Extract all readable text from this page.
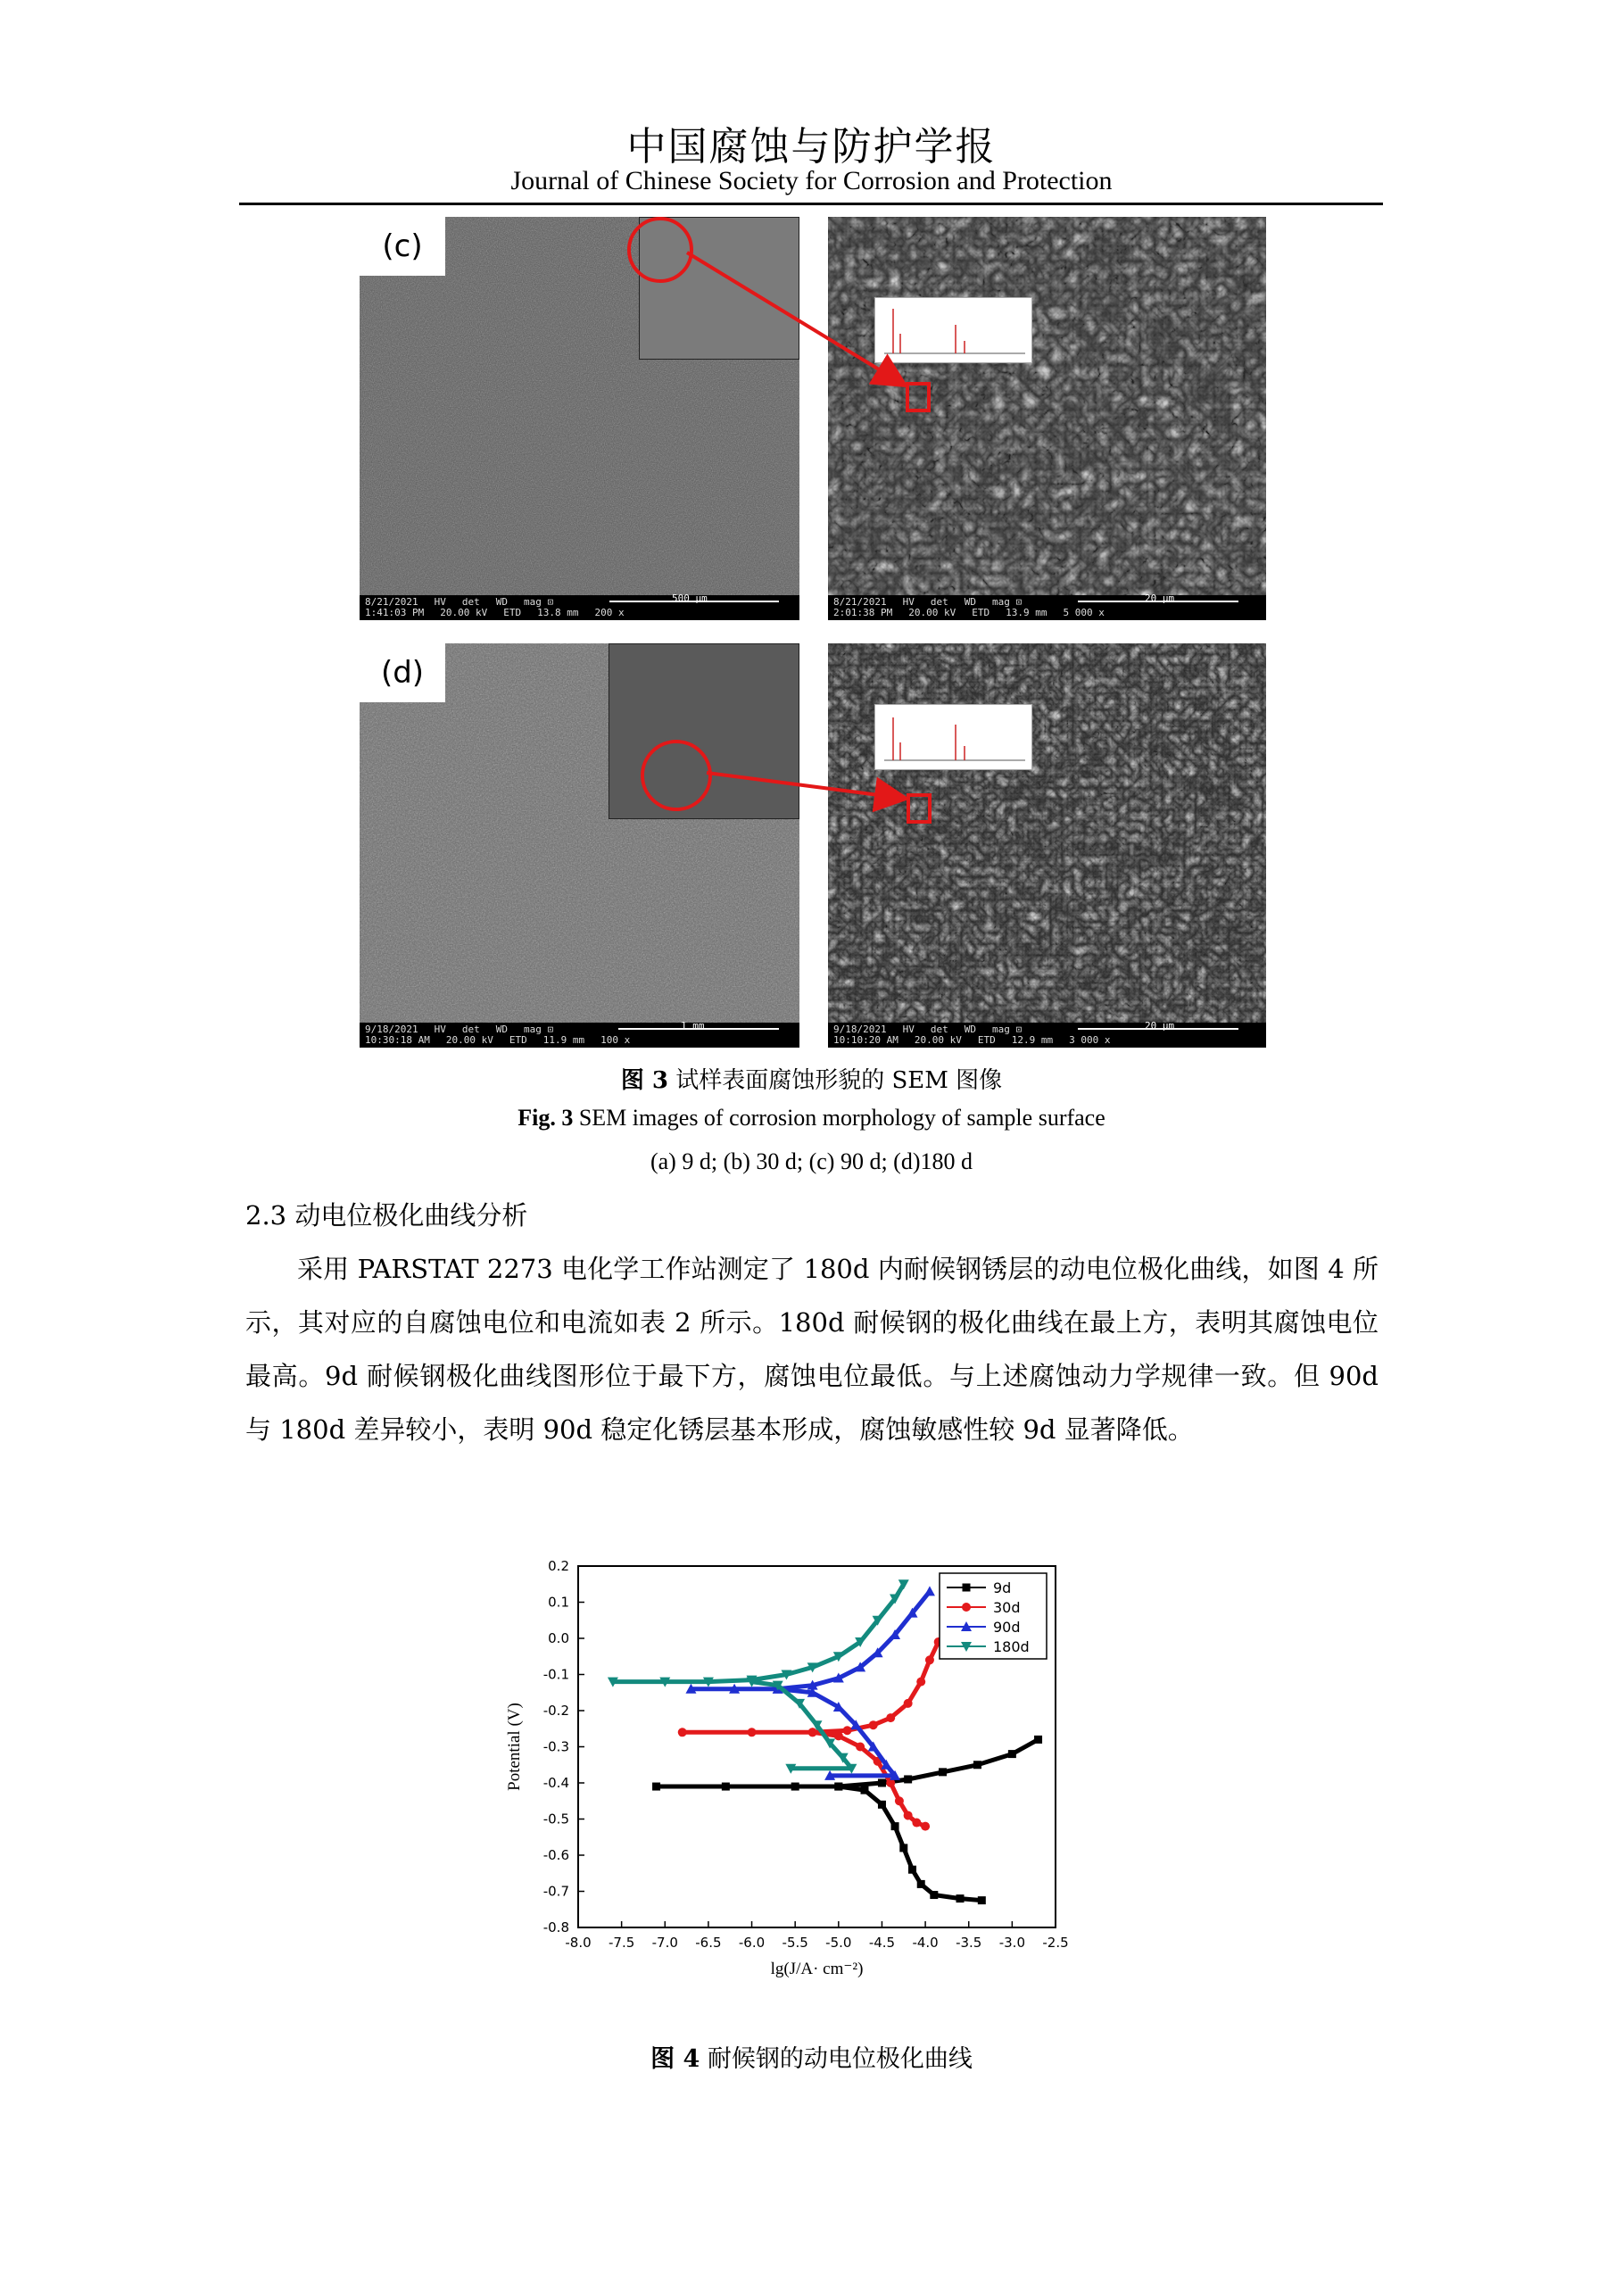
中国腐蚀与防护学报
Journal of Chinese Society for Corrosion and Protection
8/21/2021 HV det WD mag ⊡
1:41:03 PM 20.00 kV ETD 13.8 mm 200 x
500 μm
(c)
8/21/2021 HV det WD mag ⊡
2:01:38 PM 20.00 kV ETD 13.9 mm 5 000 x
20 μm
9/18/2021 HV det WD mag ⊡
10:30:18 AM 20.00 kV ETD 11.9 mm 100 x
1 mm
(d)
9/18/2021 HV det WD mag ⊡
10:10:20 AM 20.00 kV ETD 12.9 mm 3 000 x
20 μm
图 3 试样表面腐蚀形貌的 SEM 图像
Fig. 3 SEM images of corrosion morphology of sample surface
(a) 9 d; (b) 30 d; (c) 90 d; (d)180 d
2.3 动电位极化曲线分析
采用 PARSTAT 2273 电化学工作站测定了 180d 内耐候钢锈层的动电位极化曲线，如图 4 所示，其对应的自腐蚀电位和电流如表 2 所示。180d 耐候钢的极化曲线在最上方，表明其腐蚀电位最高。9d 耐候钢极化曲线图形位于最下方，腐蚀电位最低。与上述腐蚀动力学规律一致。但 90d 与 180d 差异较小，表明 90d 稳定化锈层基本形成，腐蚀敏感性较 9d 显著降低。
-8.0 -7.5 -7.0 -6.5 -6.0 -5.5 -5.0 -4.5 -4.0 -3.5 -3.0 -2.5
-0.8
-0.7
-0.6
-0.5
-0.4
-0.3
-0.2
-0.1
0.0
0.1
0.2
lg(J/A· cm⁻²)
Potential (V)
9d
30d
90d
180d
图 4 耐候钢的动电位极化曲线
